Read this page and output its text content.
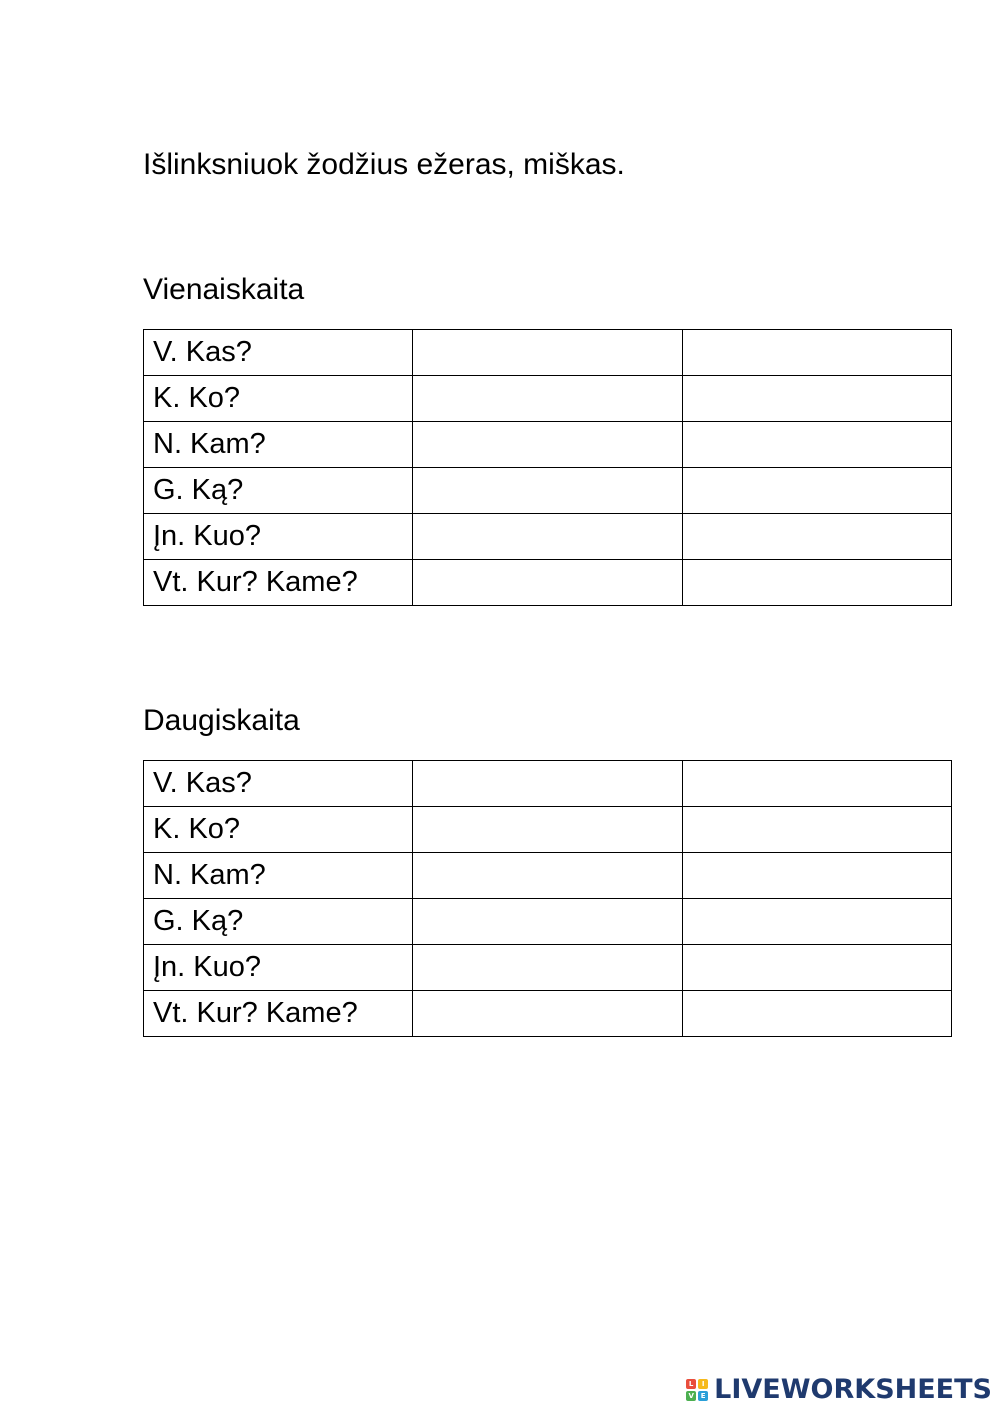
Išlinksniuok žodžius ežeras, miškas.
Vienaiskaita
V. Kas?		
K. Ko?		
N. Kam?		
G. Ką?		
Įn. Kuo?		
Vt. Kur? Kame?		
Daugiskaita
V. Kas?		
K. Ko?		
N. Kam?		
G. Ką?		
Įn. Kuo?		
Vt. Kur? Kame?		
L	I
V E LIVEWORKSHEETS
